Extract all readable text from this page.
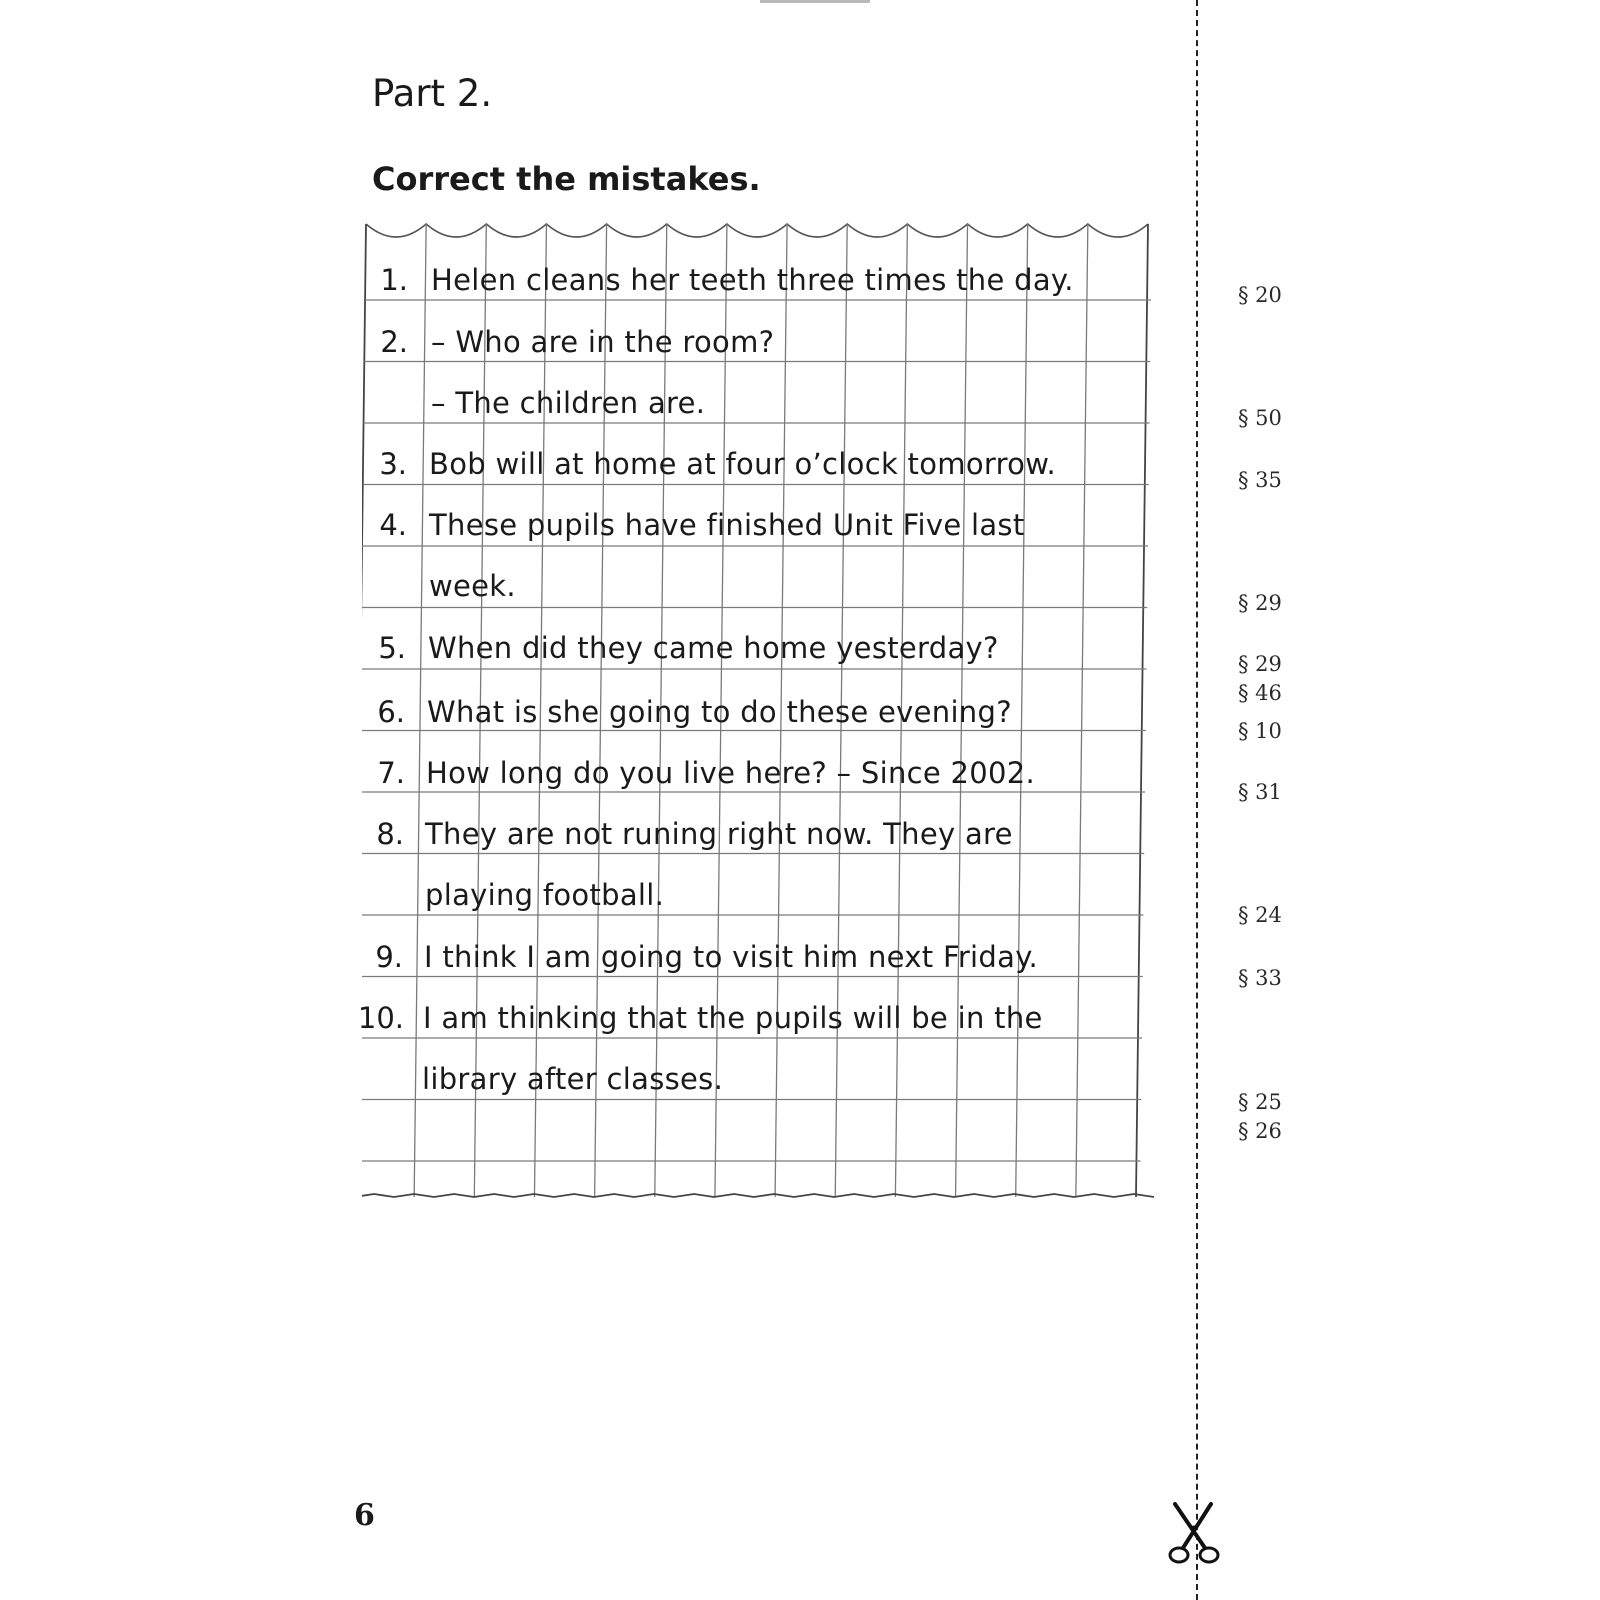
Part 2.
Correct the mistakes.
1. Helen cleans her teeth three times the day.
2. – Who are in the room?
– The children are.
3. Bob will at home at four o’clock tomorrow.
4. These pupils have finished Unit Five last
week.
5. When did they came home yesterday?
6. What is she going to do these evening?
7. How long do you live here? – Since 2002.
8. They are not runing right now. They are
playing football.
9. I think I am going to visit him next Friday.
10. I am thinking that the pupils will be in the
library after classes.
§ 20
§ 50
§ 35
§ 29
§ 29
§ 46
§ 10
§ 31
§ 24
§ 33
§ 25
§ 26
6
